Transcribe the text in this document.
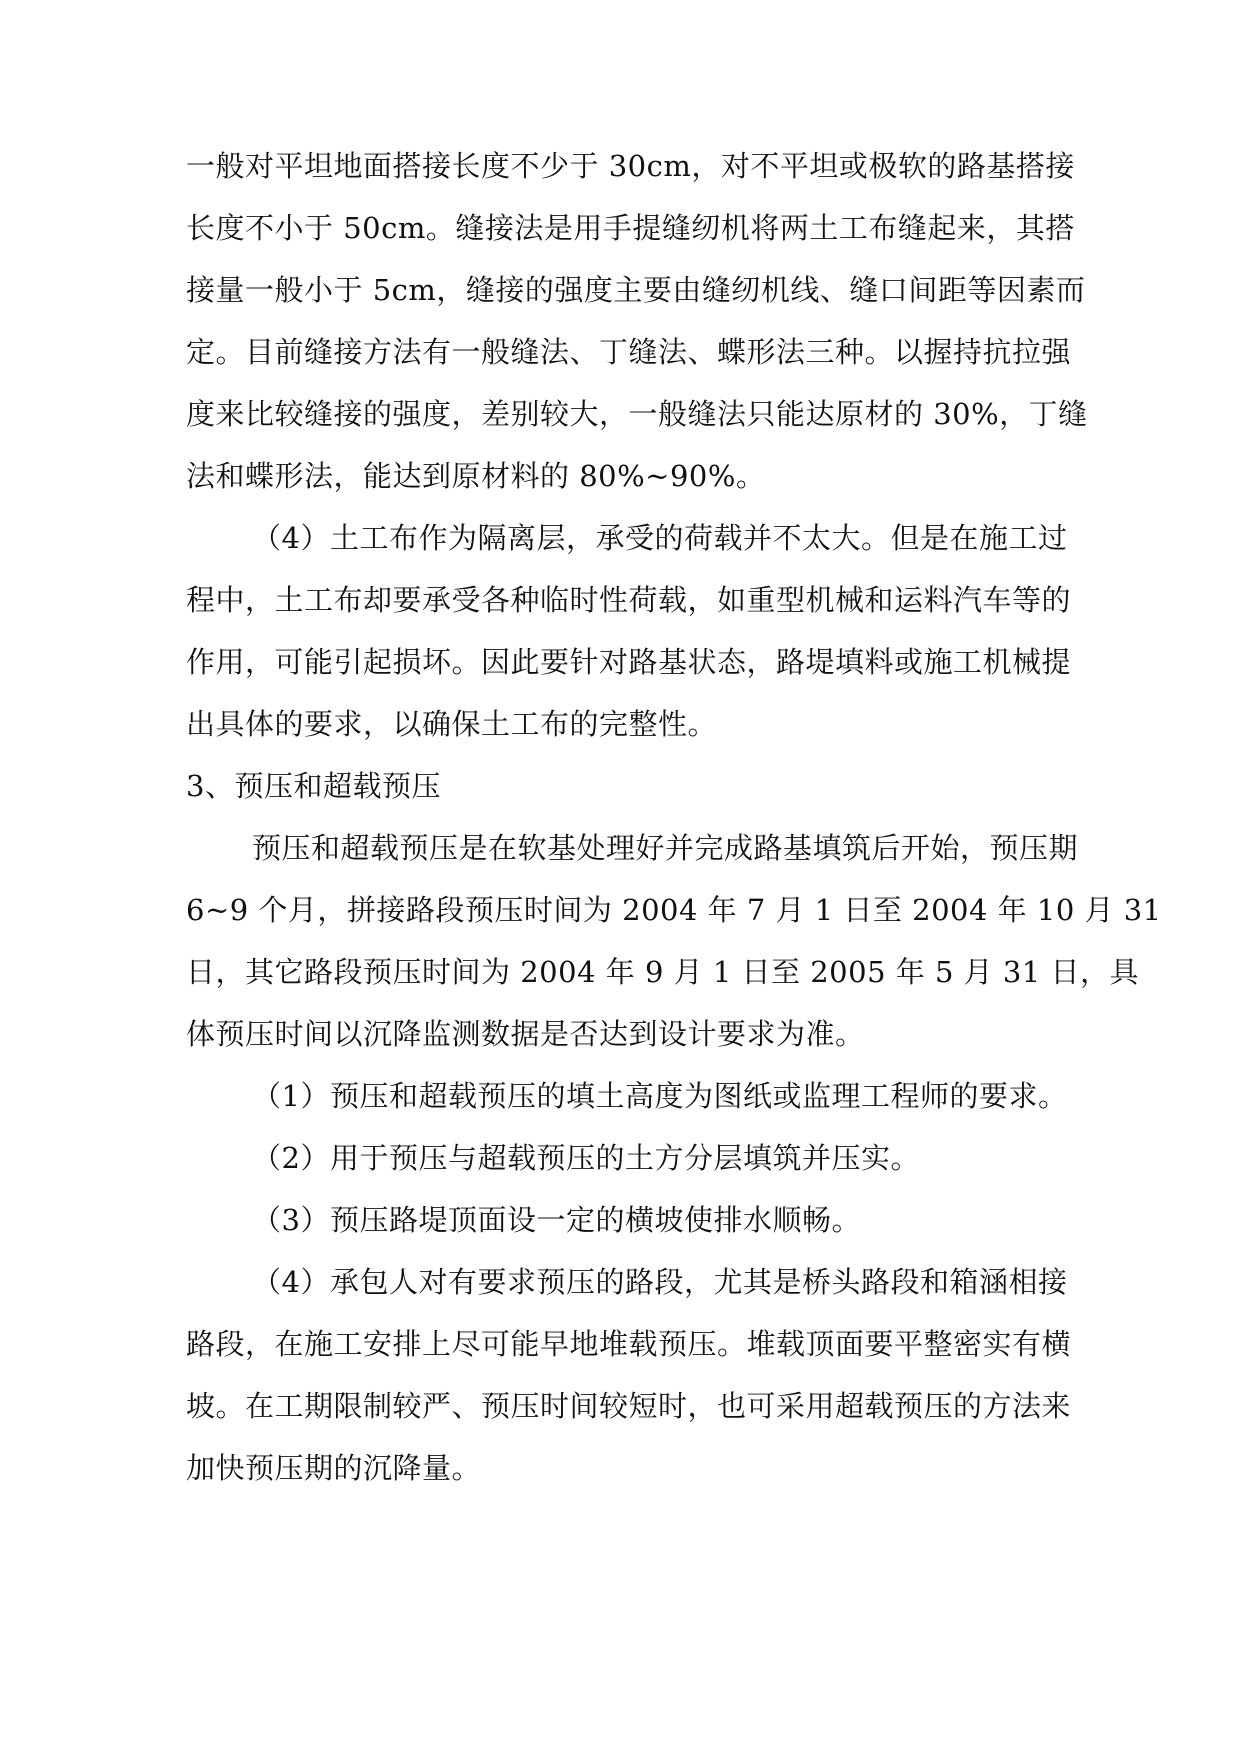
一般对平坦地面搭接长度不少于 30cm，对不平坦或极软的路基搭接
长度不小于 50cm。缝接法是用手提缝纫机将两土工布缝起来，其搭
接量一般小于 5cm，缝接的强度主要由缝纫机线、缝口间距等因素而
定。目前缝接方法有一般缝法、丁缝法、蝶形法三种。以握持抗拉强
度来比较缝接的强度，差别较大，一般缝法只能达原材的 30%，丁缝
法和蝶形法，能达到原材料的 80%~90%。
（4）土工布作为隔离层，承受的荷载并不太大。但是在施工过
程中，土工布却要承受各种临时性荷载，如重型机械和运料汽车等的
作用，可能引起损坏。因此要针对路基状态，路堤填料或施工机械提
出具体的要求，以确保土工布的完整性。
3、预压和超载预压
预压和超载预压是在软基处理好并完成路基填筑后开始，预压期
6~9 个月，拼接路段预压时间为 2004 年 7 月 1 日至 2004 年 10 月 31
日，其它路段预压时间为 2004 年 9 月 1 日至 2005 年 5 月 31 日，具
体预压时间以沉降监测数据是否达到设计要求为准。
（1）预压和超载预压的填土高度为图纸或监理工程师的要求。
（2）用于预压与超载预压的土方分层填筑并压实。
（3）预压路堤顶面设一定的横坡使排水顺畅。
（4）承包人对有要求预压的路段，尤其是桥头路段和箱涵相接
路段，在施工安排上尽可能早地堆载预压。堆载顶面要平整密实有横
坡。在工期限制较严、预压时间较短时，也可采用超载预压的方法来
加快预压期的沉降量。
